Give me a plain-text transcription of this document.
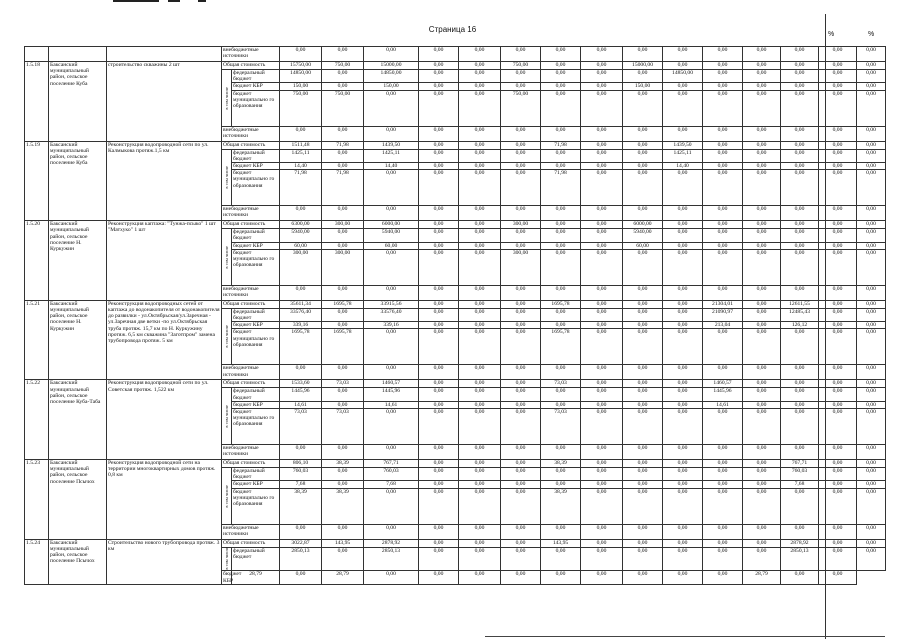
Страница 16
%	%
			внебюджетные источники		0,00	0,00	0,00	0,00	0,00	0,00	0,00	0,00	0,00	0,00	0,00	0,00	0,00	0,00	0,00
1.5.18	Баксанский муниципальный район, сельское поселение Куба	строительство скважины 2 шт	Общая стоимость		15750,00	750,00	15000,00	0,00	0,00	750,00	0,00	0,00	15000,00	0,00	0,00	0,00	0,00	0,00	0,00
			в том числе	федеральный бюджет	14850,00	0,00	14850,00	0,00	0,00	0,00	0,00	0,00	0,00	14850,00	0,00	0,00	0,00	0,00	0,00
				бюджет КБР	150,00	0,00	150,00	0,00	0,00	0,00	0,00	0,00	150,00	0,00	0,00	0,00	0,00	0,00	0,00
				бюджет муниципально го образования	750,00	750,00	0,00	0,00	0,00	750,00	0,00	0,00	0,00	0,00	0,00	0,00	0,00	0,00	0,00
			внебюджетные источники		0,00	0,00	0,00	0,00	0,00	0,00	0,00	0,00	0,00	0,00	0,00	0,00	0,00	0,00	0,00
1.5.19	Баксанский муниципальный район, сельское поселение Куба	Реконструкция водопроводной сети по ул. Калмыкова протяж.1,5 км	Общая стоимость		1511,48	71,98	1439,50	0,00	0,00	0,00	71,98	0,00	0,00	1439,50	0,00	0,00	0,00	0,00	0,00
			в том числе	федеральный бюджет	1425,11	0,00	1425,11	0,00	0,00	0,00	0,00	0,00	0,00	1425,11	0,00	0,00	0,00	0,00	0,00
				бюджет КБР	14,40	0,00	14,40	0,00	0,00	0,00	0,00	0,00	0,00	14,40	0,00	0,00	0,00	0,00	0,00
				бюджет муниципально го образования	71,98	71,98	0,00	0,00	0,00	0,00	71,98	0,00	0,00	0,00	0,00	0,00	0,00	0,00	0,00
			внебюджетные источники		0,00	0,00	0,00	0,00	0,00	0,00	0,00	0,00	0,00	0,00	0,00	0,00	0,00	0,00	0,00
1.5.20	Баксанский муниципальный район, сельское поселение Н. Куркужин	Реконструкция каптажа: "Тунжа-псыко" 1 шт "Матхуко" 1 шт	Общая стоимость		6300,00	300,00	6000,00	0,00	0,00	300,00	0,00	0,00	6000,00	0,00	0,00	0,00	0,00	0,00	0,00
			в том числе	федеральный бюджет	5940,00	0,00	5940,00	0,00	0,00	0,00	0,00	0,00	5940,00	0,00	0,00	0,00	0,00	0,00	0,00
				бюджет КБР	60,00	0,00	60,00	0,00	0,00	0,00	0,00	0,00	60,00	0,00	0,00	0,00	0,00	0,00	0,00
				бюджет муниципально го образования	300,00	300,00	0,00	0,00	0,00	300,00	0,00	0,00	0,00	0,00	0,00	0,00	0,00	0,00	0,00
			внебюджетные источники		0,00	0,00	0,00	0,00	0,00	0,00	0,00	0,00	0,00	0,00	0,00	0,00	0,00	0,00	0,00
1.5.21	Баксанский муниципальный район, сельское поселение Н. Куркужин	Реконструкция водопроводных сетей от каптажа до водонакопителя от водонакопителя до развилки - ул.Октябрьская/ул.Заречная - ул.Заречная две ветки -по ул.Октябрьская труба протяж. 15,7 км по Н. Куркужину протяж. 6,5 км скважина "Заготпром" замена трубопровода протяж. 5 км	Общая стоимость		35611,34	1695,78	33915,56	0,00	0,00	0,00	1695,78	0,00	0,00	0,00	21304,01	0,00	12611,55	0,00	0,00
			в том числе	федеральный бюджет	33576,40	0,00	33576,40	0,00	0,00	0,00	0,00	0,00	0,00	0,00	21090,97	0,00	12485,43	0,00	0,00
				бюджет КБР	339,16	0,00	339,16	0,00	0,00	0,00	0,00	0,00	0,00	0,00	213,04	0,00	126,12	0,00	0,00
				бюджет муниципально го образования	1695,78	1695,78	0,00	0,00	0,00	0,00	1695,78	0,00	0,00	0,00	0,00	0,00	0,00	0,00	0,00
			внебюджетные источники		0,00	0,00	0,00	0,00	0,00	0,00	0,00	0,00	0,00	0,00	0,00	0,00	0,00	0,00	0,00
1.5.22	Баксанский муниципальный район, сельское поселение Куба-Таба	Реконструкция водопроводной сети по ул. Советская протяж. 1,522 км	Общая стоимость		1533,60	73,03	1460,57	0,00	0,00	0,00	73,03	0,00	0,00	0,00	1460,57	0,00	0,00	0,00	0,00
			в том числе	федеральный бюджет	1445,96	0,00	1445,96	0,00	0,00	0,00	0,00	0,00	0,00	0,00	1445,96	0,00	0,00	0,00	0,00
				бюджет КБР	14,61	0,00	14,61	0,00	0,00	0,00	0,00	0,00	0,00	0,00	14,61	0,00	0,00	0,00	0,00
				бюджет муниципально го образования	73,03	73,03	0,00	0,00	0,00	0,00	73,03	0,00	0,00	0,00	0,00	0,00	0,00	0,00	0,00
			внебюджетные источники		0,00	0,00	0,00	0,00	0,00	0,00	0,00	0,00	0,00	0,00	0,00	0,00	0,00	0,00	0,00
1.5.23	Баксанский муниципальный район, сельское поселение Псычох	Реконструкция водопроводной сети на территории многоквартирных домов протяж. 0,8 км	Общая стоимость		806,10	38,39	767,71	0,00	0,00	0,00	38,39	0,00	0,00	0,00	0,00	0,00	767,71	0,00	0,00
			в том числе	федеральный бюджет	760,03	0,00	760,03	0,00	0,00	0,00	0,00	0,00	0,00	0,00	0,00	0,00	760,03	0,00	0,00
				бюджет КБР	7,68	0,00	7,68	0,00	0,00	0,00	0,00	0,00	0,00	0,00	0,00	0,00	7,68	0,00	0,00
				бюджет муниципально го образования	38,39	38,39	0,00	0,00	0,00	0,00	38,39	0,00	0,00	0,00	0,00	0,00	0,00	0,00	0,00
			внебюджетные источники		0,00	0,00	0,00	0,00	0,00	0,00	0,00	0,00	0,00	0,00	0,00	0,00	0,00	0,00	0,00
1.5.24	Баксанский муниципальный район, сельское поселение Псычох	Строительство нового трубопровода протяж. 3 км	Общая стоимость		3022,87	143,95	2878,92	0,00	0,00	0,00	143,95	0,00	0,00	0,00	0,00	0,00	2878,92	0,00	0,00
			в том числе	федеральный бюджет	2850,13	0,00	2850,13	0,00	0,00	0,00	0,00	0,00	0,00	0,00	0,00	0,00	2850,13	0,00	0,00
			бюджет КБР	28,79	0,00	28,79	0,00	0,00	0,00	0,00	0,00	0,00	0,00	0,00	0,00	28,79	0,00	0,00	
